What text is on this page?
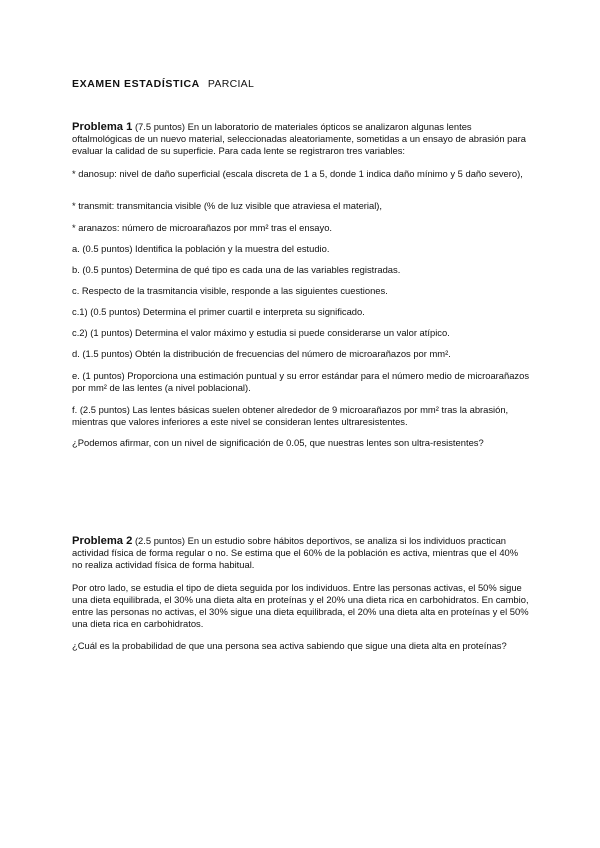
EXAMEN ESTADÍSTICA PARCIAL
Problema 1 (7.5 puntos) En un laboratorio de materiales ópticos se analizaron algunas lentes oftalmológicas de un nuevo material, seleccionadas aleatoriamente, sometidas a un ensayo de abrasión para evaluar la calidad de su superficie. Para cada lente se registraron tres variables:
* danosup: nivel de daño superficial (escala discreta de 1 a 5, donde 1 indica daño mínimo y 5 daño severo),
* transmit: transmitancia visible (% de luz visible que atraviesa el material),
* aranazos: número de microarañazos por mm² tras el ensayo.
a. (0.5 puntos) Identifica la población y la muestra del estudio.
b. (0.5 puntos) Determina de qué tipo es cada una de las variables registradas.
c. Respecto de la trasmitancia visible, responde a las siguientes cuestiones.
c.1) (0.5 puntos) Determina el primer cuartil e interpreta su significado.
c.2) (1 puntos) Determina el valor máximo y estudia si puede considerarse un valor atípico.
d. (1.5 puntos) Obtén la distribución de frecuencias del número de microarañazos por mm².
e. (1 puntos) Proporciona una estimación puntual y su error estándar para el número medio de microarañazos por mm² de las lentes (a nivel poblacional).
f. (2.5 puntos) Las lentes básicas suelen obtener alrededor de 9 microarañazos por mm² tras la abrasión, mientras que valores inferiores a este nivel se consideran lentes ultraresistentes.
¿Podemos afirmar, con un nivel de significación de 0.05, que nuestras lentes son ultra-resistentes?
Problema 2 (2.5 puntos) En un estudio sobre hábitos deportivos, se analiza si los individuos practican actividad física de forma regular o no. Se estima que el 60% de la población es activa, mientras que el 40% no realiza actividad física de forma habitual.
Por otro lado, se estudia el tipo de dieta seguida por los individuos. Entre las personas activas, el 50% sigue una dieta equilibrada, el 30% una dieta alta en proteínas y el 20% una dieta rica en carbohidratos. En cambio, entre las personas no activas, el 30% sigue una dieta equilibrada, el 20% una dieta alta en proteínas y el 50% una dieta rica en carbohidratos.
¿Cuál es la probabilidad de que una persona sea activa sabiendo que sigue una dieta alta en proteínas?
